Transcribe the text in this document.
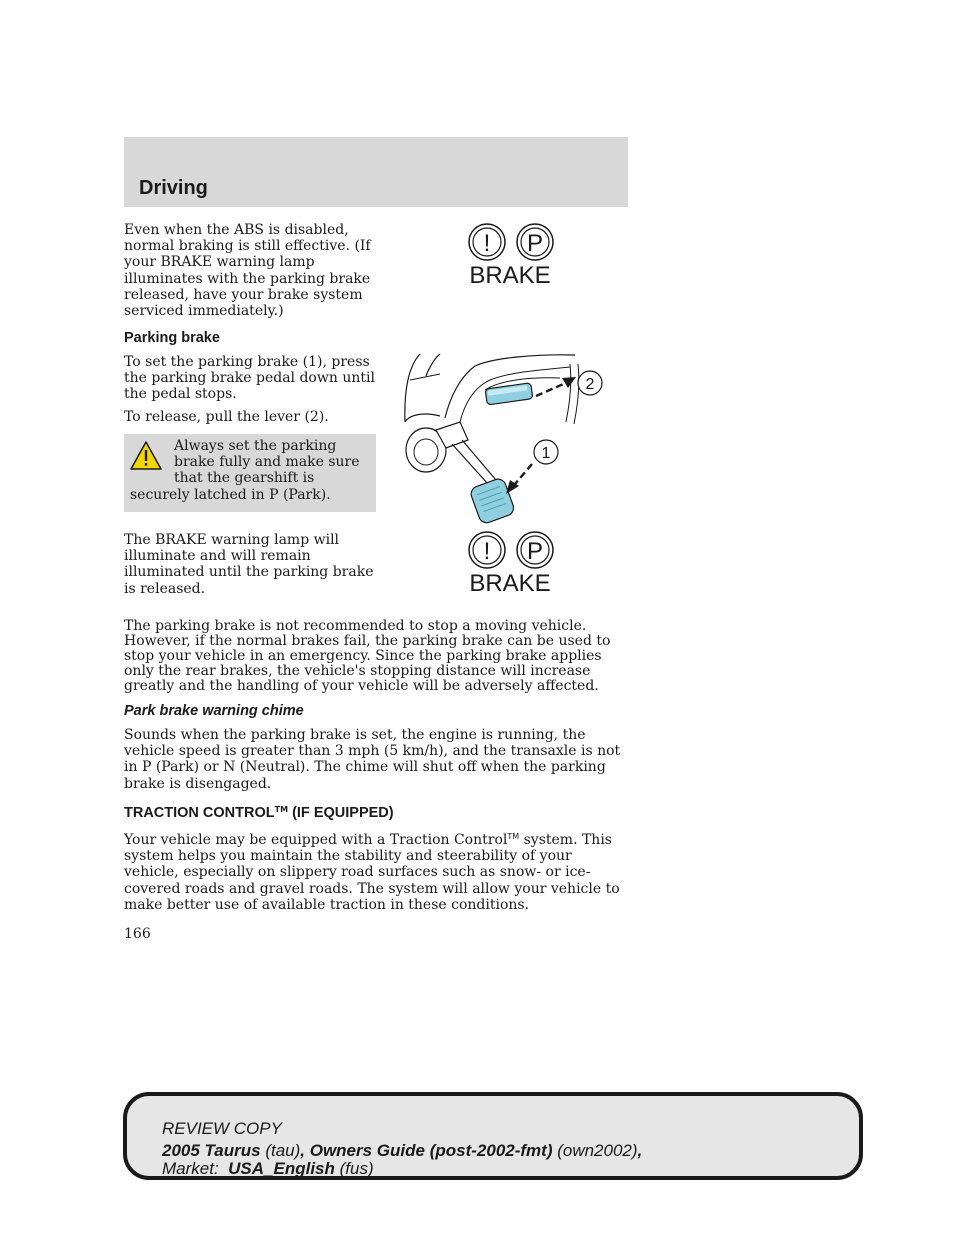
Driving

Even when the ABS is disabled, normal braking is still effective. (If your BRAKE warning lamp illuminates with the parking brake released, have your brake system serviced immediately.)

! P
BRAKE

Parking brake

To set the parking brake (1), press the parking brake pedal down until the pedal stops.

To release, pull the lever (2).

Always set the parking brake fully and make sure that the gearshift is securely latched in P (Park).
2
1

The BRAKE warning lamp will illuminate and will remain illuminated until the parking brake is released.

! P
BRAKE

The parking brake is not recommended to stop a moving vehicle. However, if the normal brakes fail, the parking brake can be used to stop your vehicle in an emergency. Since the parking brake applies only the rear brakes, the vehicle's stopping distance will increase greatly and the handling of your vehicle will be adversely affected.

Park brake warning chime

Sounds when the parking brake is set, the engine is running, the vehicle speed is greater than 3 mph (5 km/h), and the transaxle is not in P (Park) or N (Neutral). The chime will shut off when the parking brake is disengaged.

TRACTION CONTROL™ (IF EQUIPPED)

Your vehicle may be equipped with a Traction Control™ system. This system helps you maintain the stability and steerability of your vehicle, especially on slippery road surfaces such as snow- or ice-covered roads and gravel roads. The system will allow your vehicle to make better use of available traction in these conditions.

166

REVIEW COPY
2005 Taurus (tau), Owners Guide (post-2002-fmt) (own2002),
Market: USA_English (fus)
